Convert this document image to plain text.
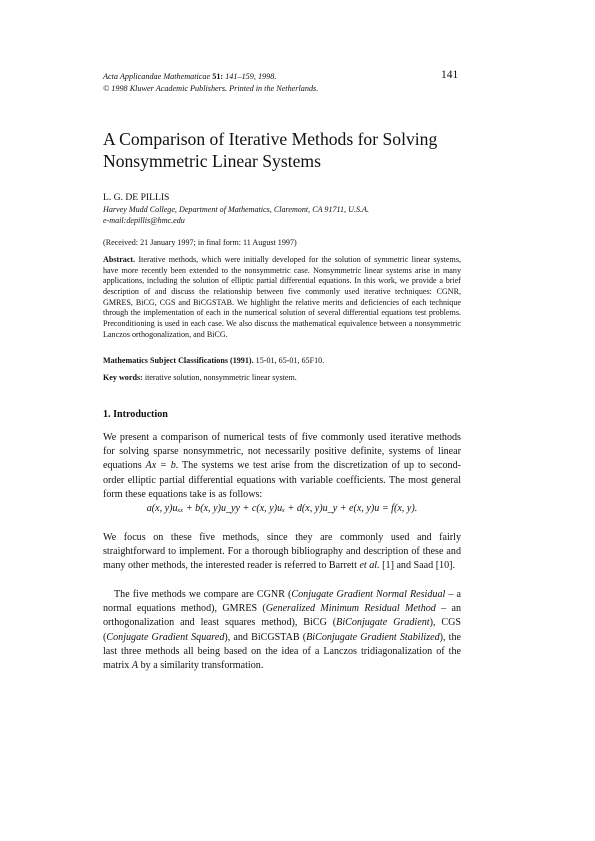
Acta Applicandae Mathematicae 51: 141–159, 1998.
© 1998 Kluwer Academic Publishers. Printed in the Netherlands.
141
A Comparison of Iterative Methods for Solving
Nonsymmetric Linear Systems
L. G. DE PILLIS
Harvey Mudd College, Department of Mathematics, Claremont, CA 91711, U.S.A.
e-mail:depillis@hmc.edu
(Received: 21 January 1997; in final form: 11 August 1997)
Abstract. Iterative methods, which were initially developed for the solution of symmetric linear systems, have more recently been extended to the nonsymmetric case. Nonsymmetric linear systems arise in many applications, including the solution of elliptic partial differential equations. In this work, we provide a brief description of and discuss the relationship between five commonly used iterative techniques: CGNR, GMRES, BiCG, CGS and BiCGSTAB. We highlight the relative merits and deficiencies of each technique through the implementation of each in the numerical solution of several differential equations test problems. Preconditioning is used in each case. We also discuss the mathematical equivalence between a nonsymmetric Lanczos orthogonalization, and BiCG.
Mathematics Subject Classifications (1991). 15-01, 65-01, 65F10.
Key words: iterative solution, nonsymmetric linear system.
1. Introduction
We present a comparison of numerical tests of five commonly used iterative methods for solving sparse nonsymmetric, not necessarily positive definite, systems of linear equations Ax = b. The systems we test arise from the discretization of up to second-order elliptic partial differential equations with variable coefficients. The most general form these equations take is as follows:
a(x, y)uₓₓ + b(x, y)u_yy + c(x, y)uₓ + d(x, y)u_y + e(x, y)u = f(x, y).
We focus on these five methods, since they are commonly used and fairly straightforward to implement. For a thorough bibliography and description of these and many other methods, the interested reader is referred to Barrett et al. [1] and Saad [10].
The five methods we compare are CGNR (Conjugate Gradient Normal Residual – a normal equations method), GMRES (Generalized Minimum Residual Method – an orthogonalization and least squares method), BiCG (BiConjugate Gradient), CGS (Conjugate Gradient Squared), and BiCGSTAB (BiConjugate Gradient Stabilized), the last three methods all being based on the idea of a Lanczos tridiagonalization of the matrix A by a similarity transformation.
